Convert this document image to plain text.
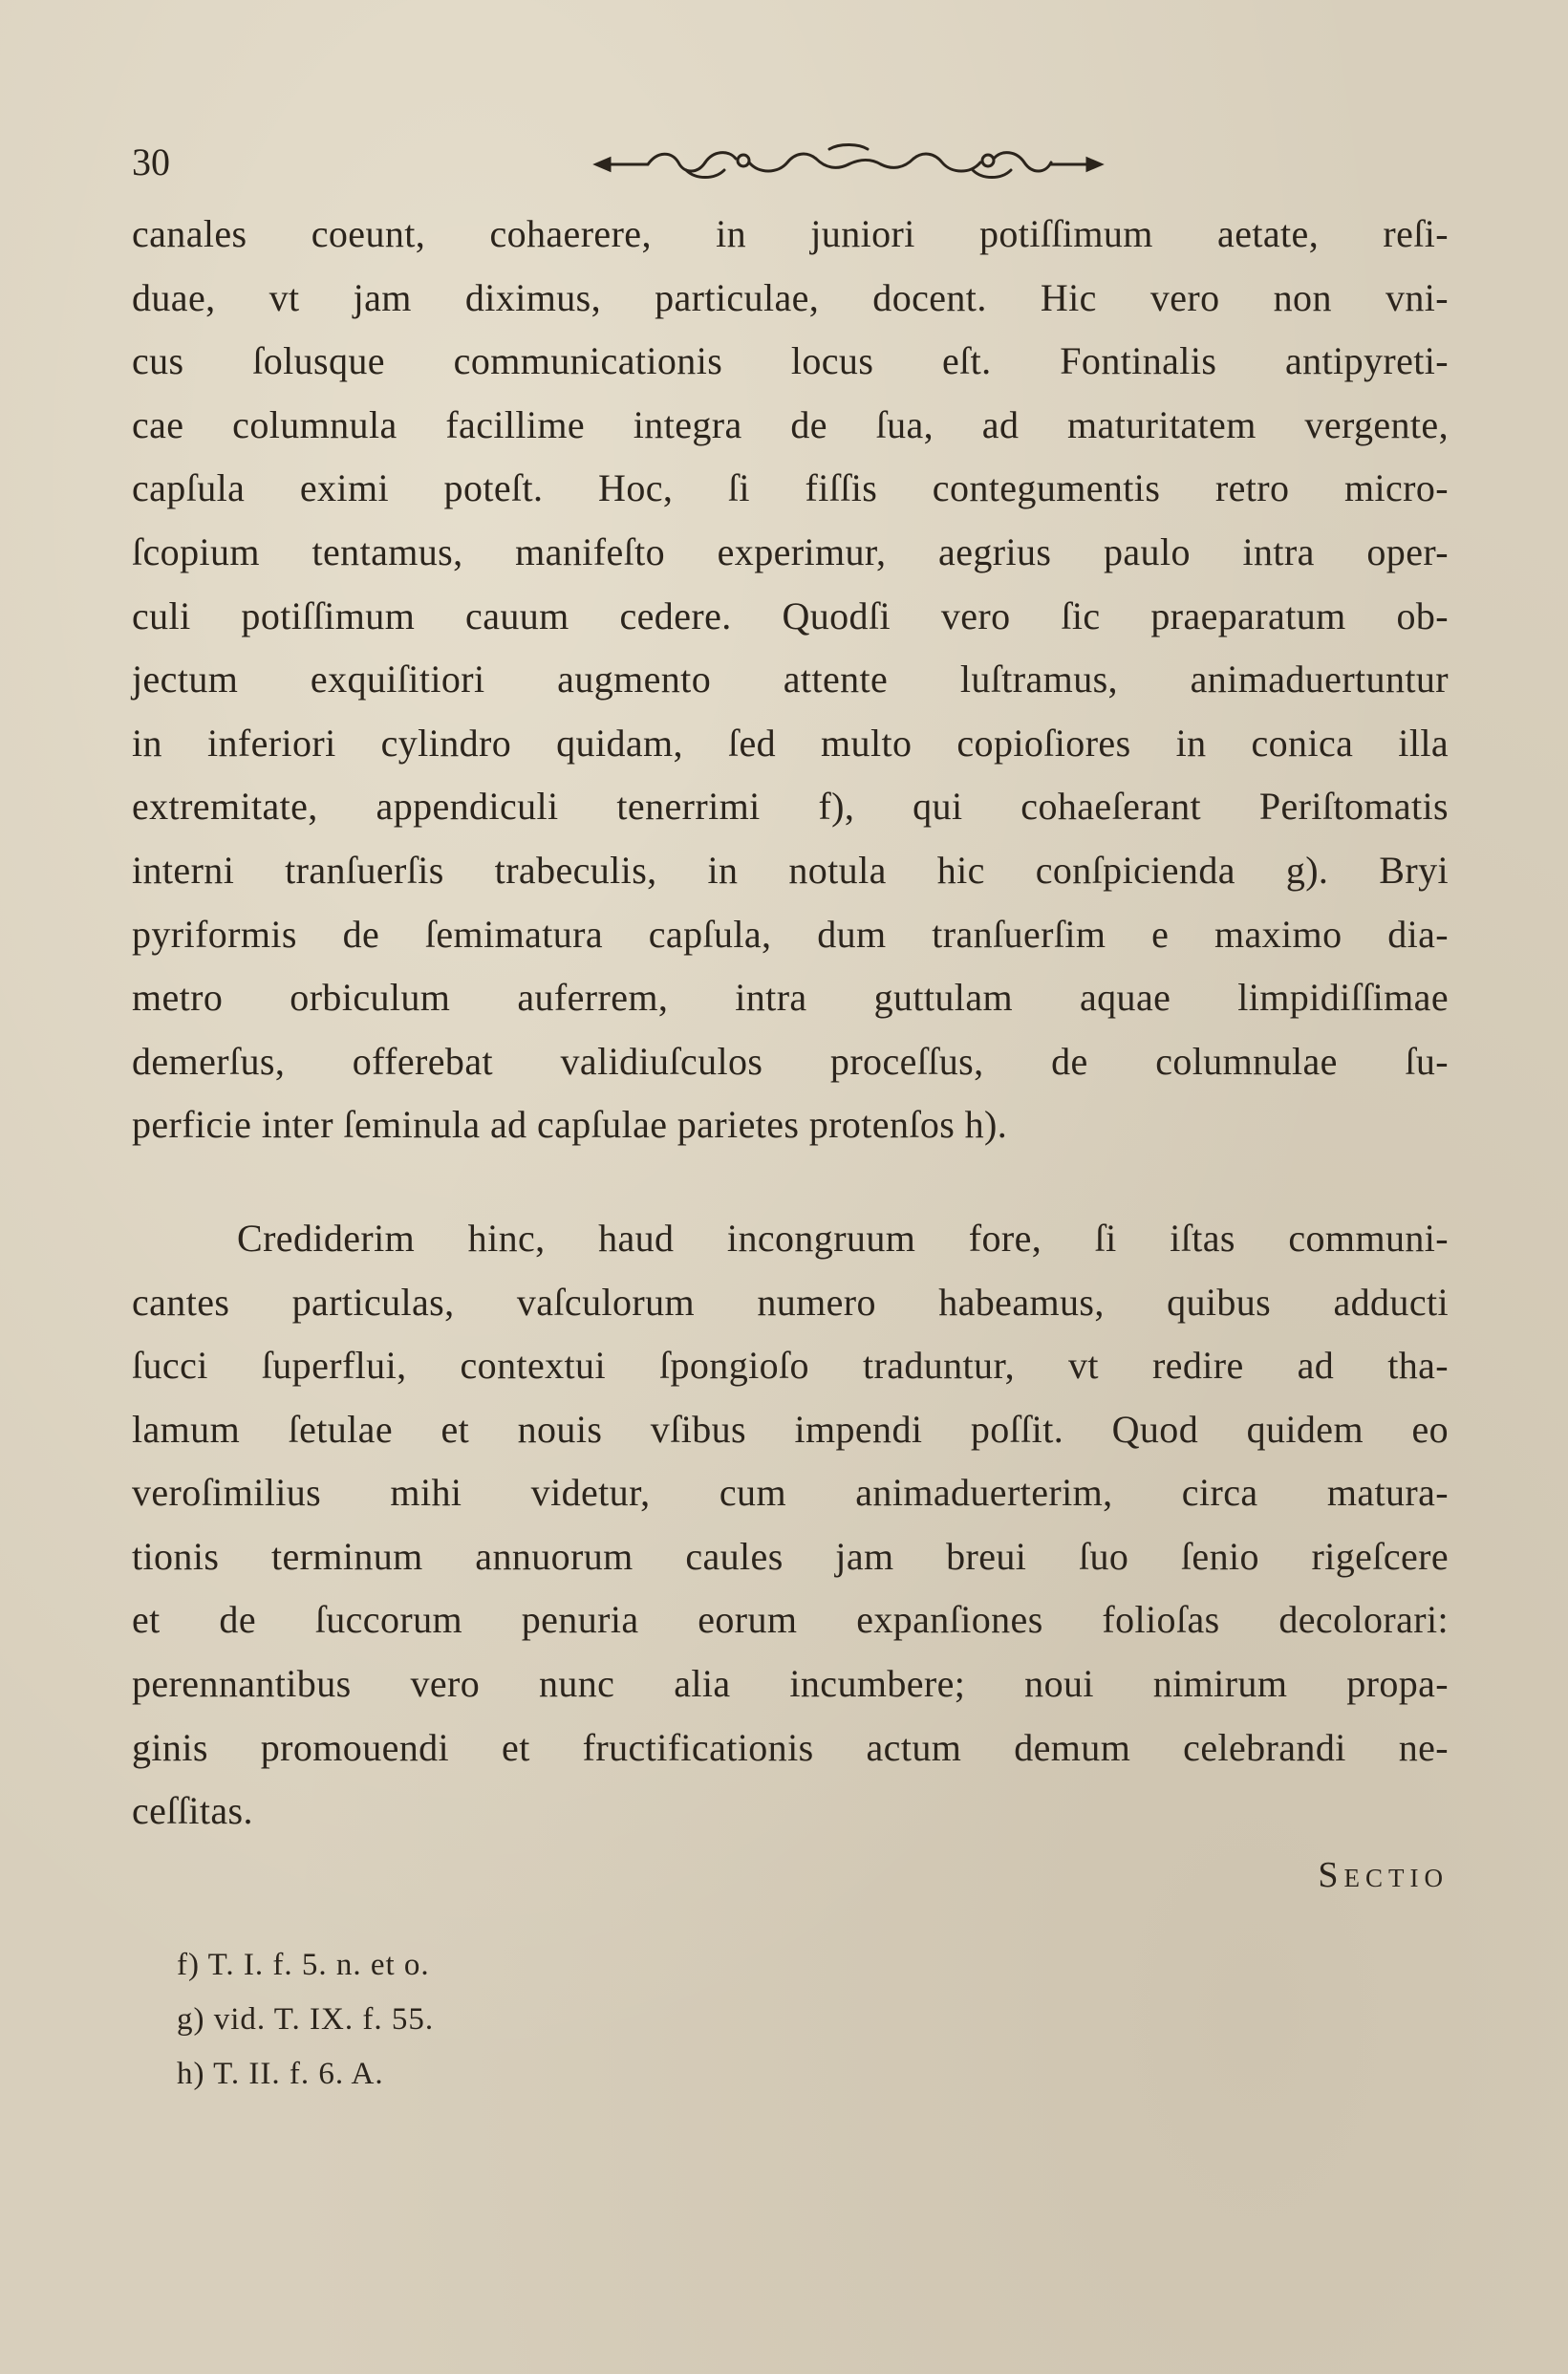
30
canales coeunt, cohaerere, in juniori potiſſimum aetate, reſi-
duae, vt jam diximus, particulae, docent. Hic vero non vni-
cus ſolusque communicationis locus eſt. Fontinalis antipyreti-
cae columnula facillime integra de ſua, ad maturitatem vergente,
capſula eximi poteſt. Hoc, ſi fiſſis contegumentis retro micro-
ſcopium tentamus, manifeſto experimur, aegrius paulo intra oper-
culi potiſſimum cauum cedere. Quodſi vero ſic praeparatum ob-
jectum exquiſitiori augmento attente luſtramus, animaduertuntur
in inferiori cylindro quidam, ſed multo copioſiores in conica illa
extremitate, appendiculi tenerrimi f), qui cohaeſerant Periſtomatis
interni tranſuerſis trabeculis, in notula hic conſpicienda g). Bryi
pyriformis de ſemimatura capſula, dum tranſuerſim e maximo dia-
metro orbiculum auferrem, intra guttulam aquae limpidiſſimae
demerſus, offerebat validiuſculos proceſſus, de columnulae ſu-
perficie inter ſeminula ad capſulae parietes protenſos h).
Crediderim hinc, haud incongruum fore, ſi iſtas communi-
cantes particulas, vaſculorum numero habeamus, quibus adducti
ſucci ſuperflui, contextui ſpongioſo traduntur, vt redire ad tha-
lamum ſetulae et nouis vſibus impendi poſſit. Quod quidem eo
veroſimilius mihi videtur, cum animaduerterim, circa matura-
tionis terminum annuorum caules jam breui ſuo ſenio rigeſcere
et de ſuccorum penuria eorum expanſiones folioſas decolorari:
perennantibus vero nunc alia incumbere; noui nimirum propa-
ginis promouendi et fructificationis actum demum celebrandi ne-
ceſſitas.
Sectio
f) T. I. f. 5. n. et o.
g) vid. T. IX. f. 55.
h) T. II. f. 6. A.
